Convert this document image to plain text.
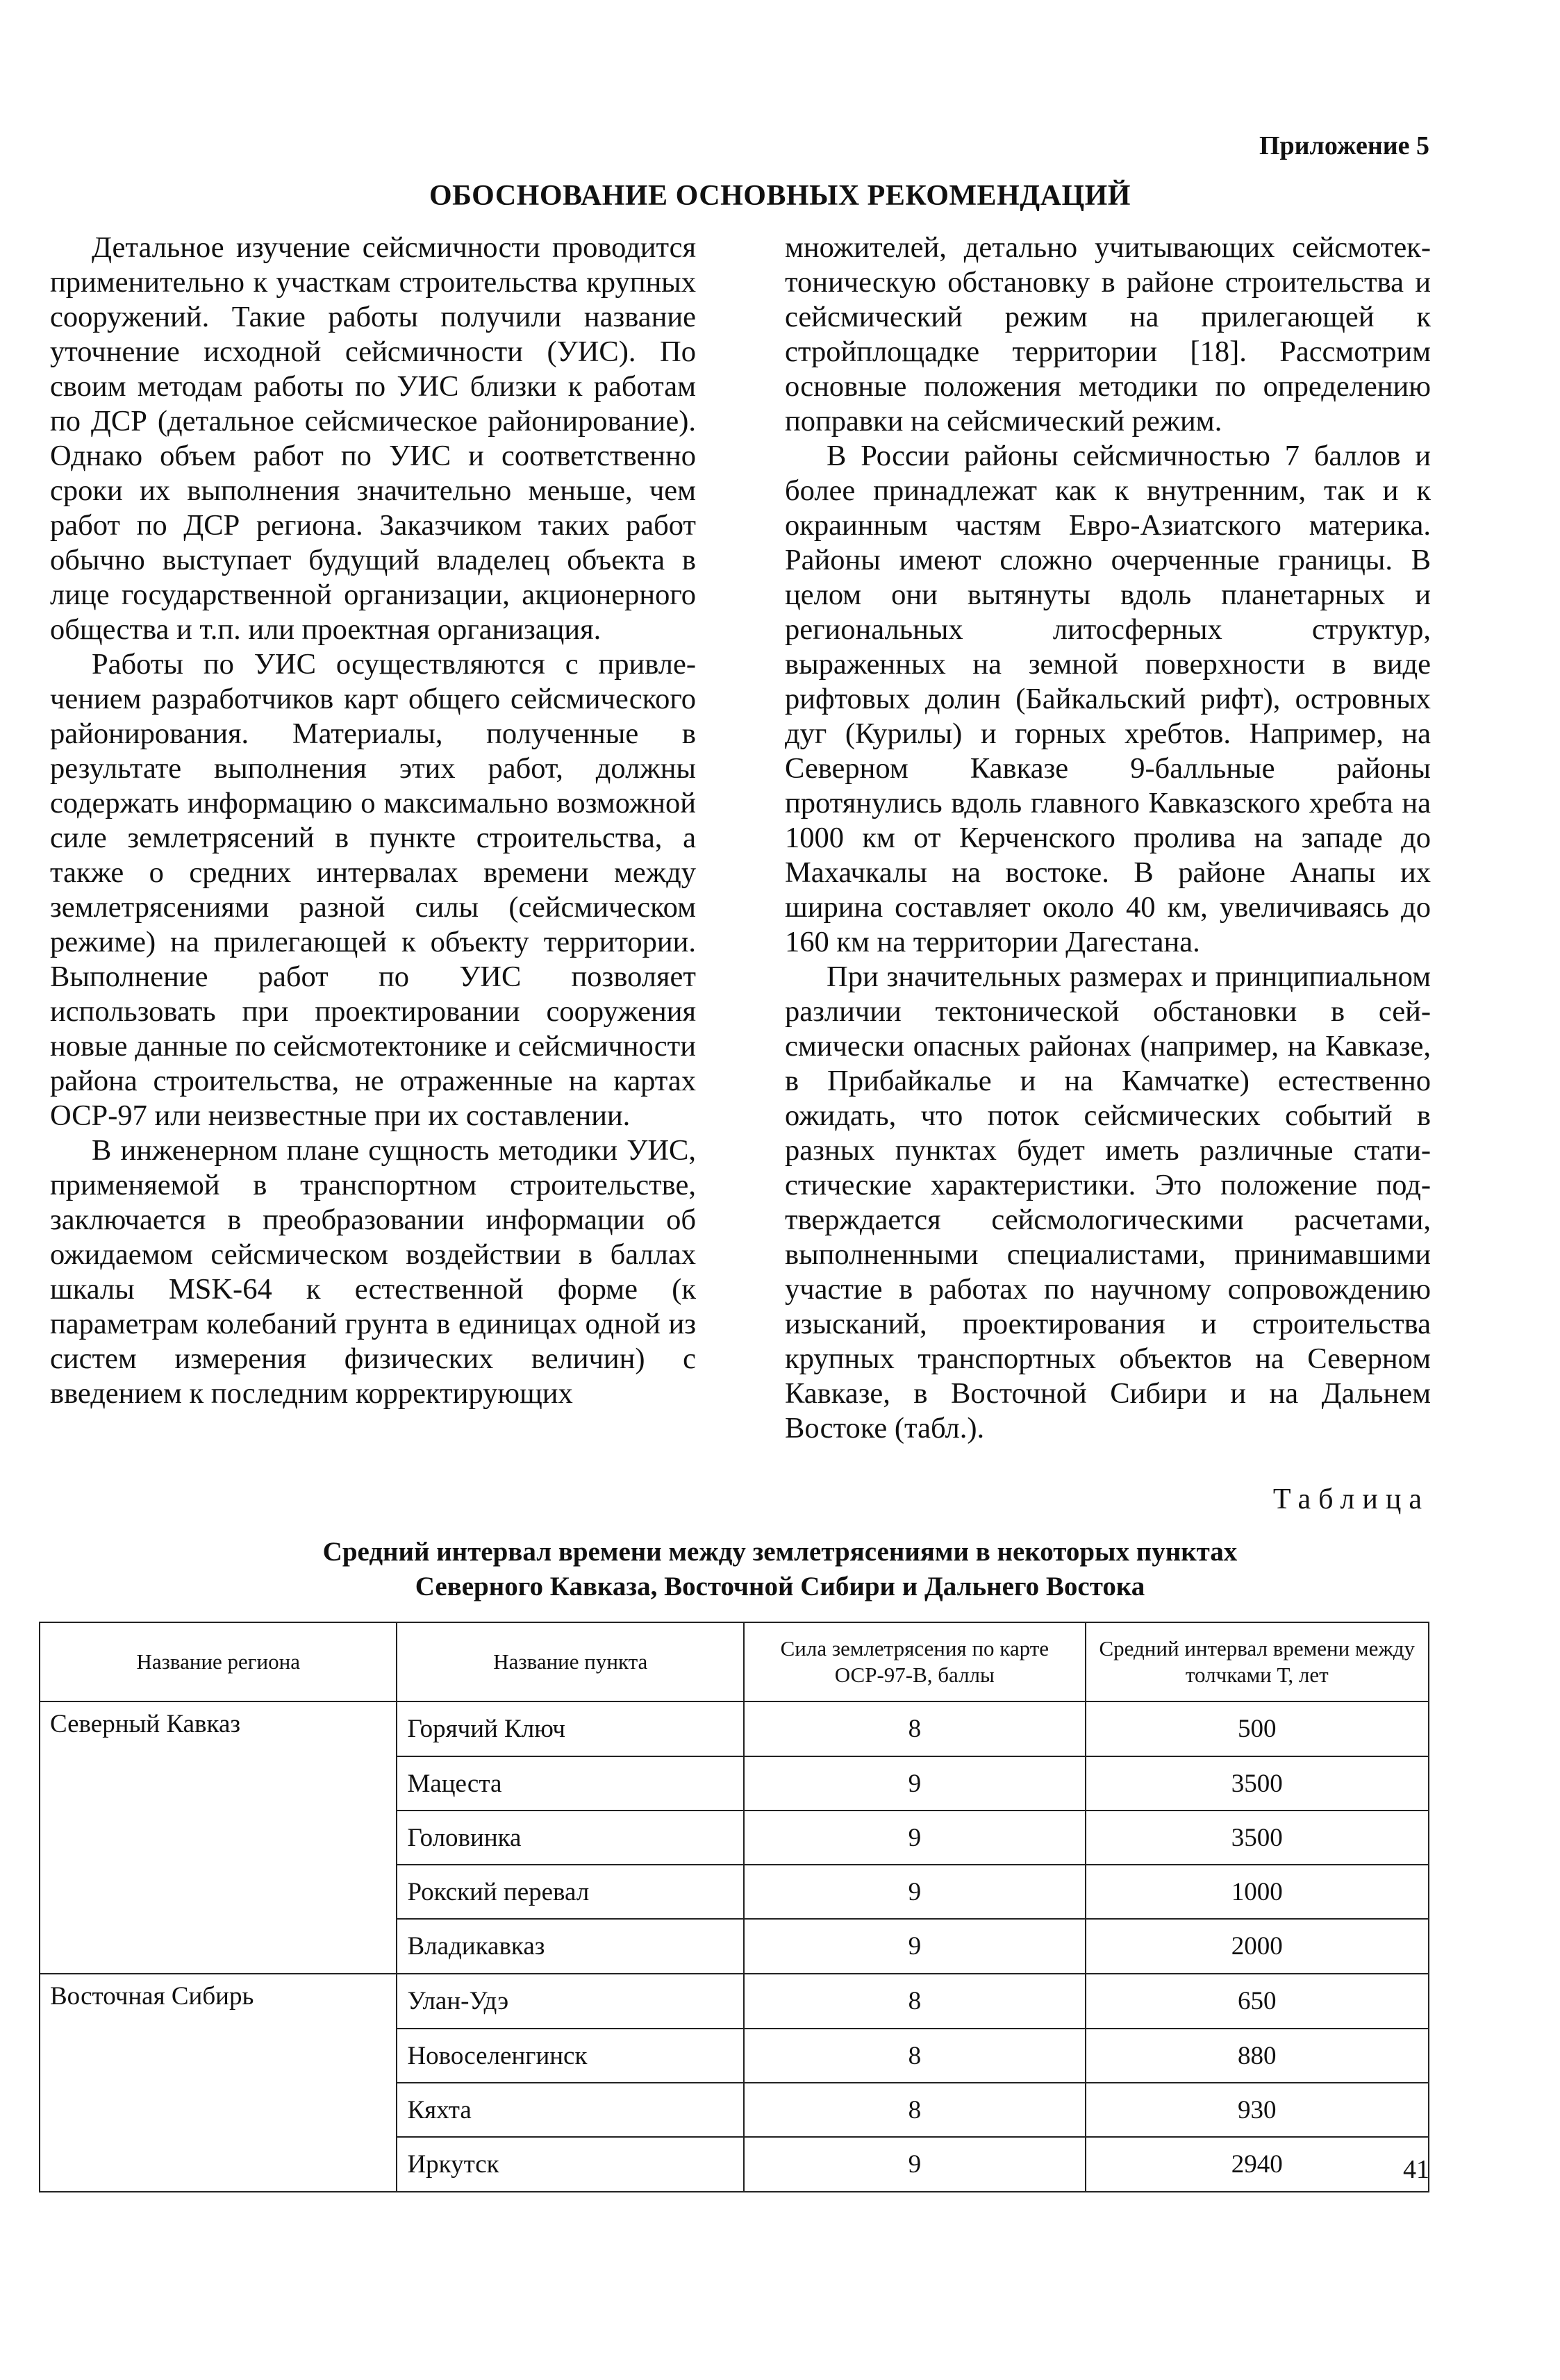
Приложение 5
ОБОСНОВАНИЕ ОСНОВНЫХ РЕКОМЕНДАЦИЙ

Детальное изучение сейсмичности проводится применительно к участкам строительства крупных сооружений. Такие работы получили название уточнение исходной сейсмичности (УИС). По своим методам работы по УИС близки к работам по ДСР (детальное сейсмическое районирование). Однако объем работ по УИС и соответственно сроки их выполнения значительно меньше, чем работ по ДСР региона. Заказчиком таких работ обычно выступает будущий владелец объекта в лице государственной организации, акционерного общества и т.п. или проектная организация.

Работы по УИС осуществляются с привлечением разработчиков карт общего сейсмического районирования. Материалы, полученные в результате выполнения этих работ, должны содержать информацию о максимально возможной силе землетрясений в пункте строительства, а также о средних интервалах времени между землетрясениями разной силы (сейсмическом режиме) на прилегающей к объекту территории. Выполнение работ по УИС позволяет использовать при проектировании сооружения новые данные по сейсмотектонике и сейсмичности района строительства, не отраженные на картах ОСР-97 или неизвестные при их составлении.

В инженерном плане сущность методики УИС, применяемой в транспортном строительстве, заключается в преобразовании информации об ожидаемом сейсмическом воздействии в баллах шкалы MSK-64 к естественной форме (к параметрам колебаний грунта в единицах одной из систем измерения физических величин) с введением к последним корректирующих

множителей, детально учитывающих сейсмотектоническую обстановку в районе строительства и сейсмический режим на прилегающей к стройплощадке территории [18]. Рассмотрим основные положения методики по определению поправки на сейсмический режим.

В России районы сейсмичностью 7 баллов и более принадлежат как к внутренним, так и к окраинным частям Евро-Азиатского материка. Районы имеют сложно очерченные границы. В целом они вытянуты вдоль планетарных и региональных литосферных структур, выраженных на земной поверхности в виде рифтовых долин (Байкальский рифт), островных дуг (Курилы) и горных хребтов. Например, на Северном Кавказе 9-балльные районы протянулись вдоль главного Кавказского хребта на 1000 км от Керченского пролива на западе до Махачкалы на востоке. В районе Анапы их ширина составляет около 40 км, увеличиваясь до 160 км на территории Дагестана.

При значительных размерах и принципиальном различии тектонической обстановки в сейсмически опасных районах (например, на Кавказе, в Прибайкалье и на Камчатке) естественно ожидать, что поток сейсмических событий в разных пунктах будет иметь различные статистические характеристики. Это положение подтверждается сейсмологическими расчетами, выполненными специалистами, принимавшими участие в работах по научному сопровождению изысканий, проектирования и строительства крупных транспортных объектов на Северном Кавказе, в Восточной Сибири и на Дальнем Востоке (табл.).

Таблица
Средний интервал времени между землетрясениями в некоторых пунктах
Северного Кавказа, Восточной Сибири и Дальнего Востока
Название региона	Название пункта	Сила землетрясения по карте ОСР-97-В, баллы	Средний интервал времени между толчками Т, лет
Северный Кавказ	Горячий Ключ	8	500
	Мацеста	9	3500
	Головинка	9	3500
	Рокский перевал	9	1000
	Владикавказ	9	2000
Восточная Сибирь	Улан-Удэ	8	650
	Новоселенгинск	8	880
	Кяхта	8	930
	Иркутск	9	2940	41
